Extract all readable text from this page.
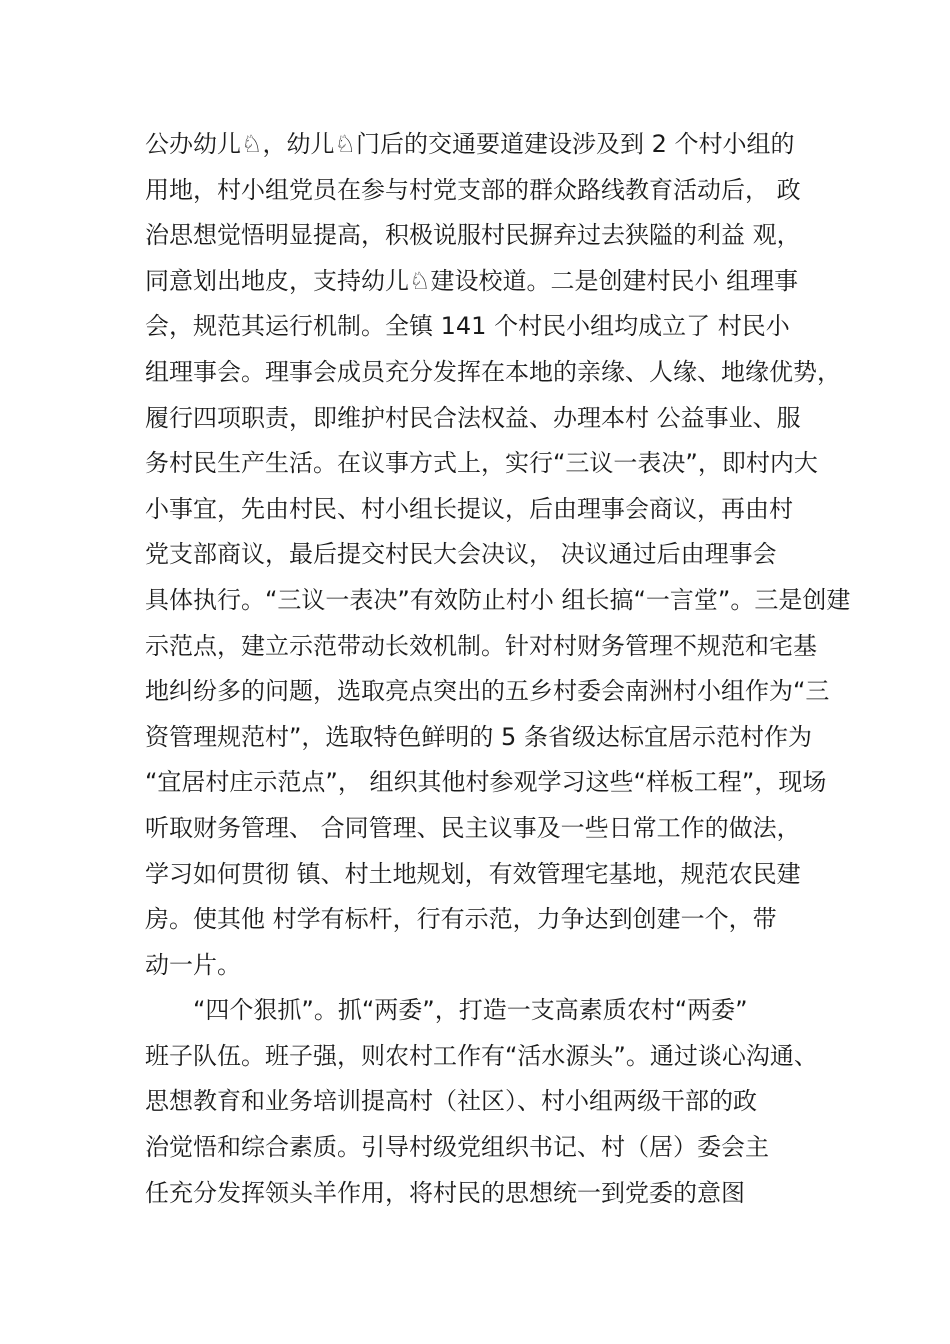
公办幼儿♘，幼儿♘门后的交通要道建设涉及到 2 个村小组的
用地，村小组党员在参与村党支部的群众路线教育活动后， 政
治思想觉悟明显提高，积极说服村民摒弃过去狭隘的利益 观，
同意划出地皮，支持幼儿♘建设校道。二是创建村民小 组理事
会，规范其运行机制。全镇 141 个村民小组均成立了 村民小
组理事会。理事会成员充分发挥在本地的亲缘、人缘、地缘优势，
履行四项职责，即维护村民合法权益、办理本村 公益事业、服
务村民生产生活。在议事方式上，实行“三议一表决”，即村内大
小事宜，先由村民、村小组长提议，后由理事会商议，再由村
党支部商议，最后提交村民大会决议， 决议通过后由理事会
具体执行。“三议一表决”有效防止村小 组长搞“一言堂”。三是创建
示范点，建立示范带动长效机制。针对村财务管理不规范和宅基
地纠纷多的问题，选取亮点突出的五乡村委会南洲村小组作为“三
资管理规范村”，选取特色鲜明的 5 条省级达标宜居示范村作为
“宜居村庄示范点”， 组织其他村参观学习这些“样板工程”，现场
听取财务管理、 合同管理、民主议事及一些日常工作的做法，
学习如何贯彻 镇、村土地规划，有效管理宅基地，规范农民建
房。使其他 村学有标杆，行有示范，力争达到创建一个，带
动一片。
“四个狠抓”。抓“两委”，打造一支高素质农村“两委”
班子队伍。班子强，则农村工作有“活水源头”。通过谈心沟通、
思想教育和业务培训提高村（社区）、村小组两级干部的政
治觉悟和综合素质。引导村级党组织书记、村（居）委会主
任充分发挥领头羊作用，将村民的思想统一到党委的意图
